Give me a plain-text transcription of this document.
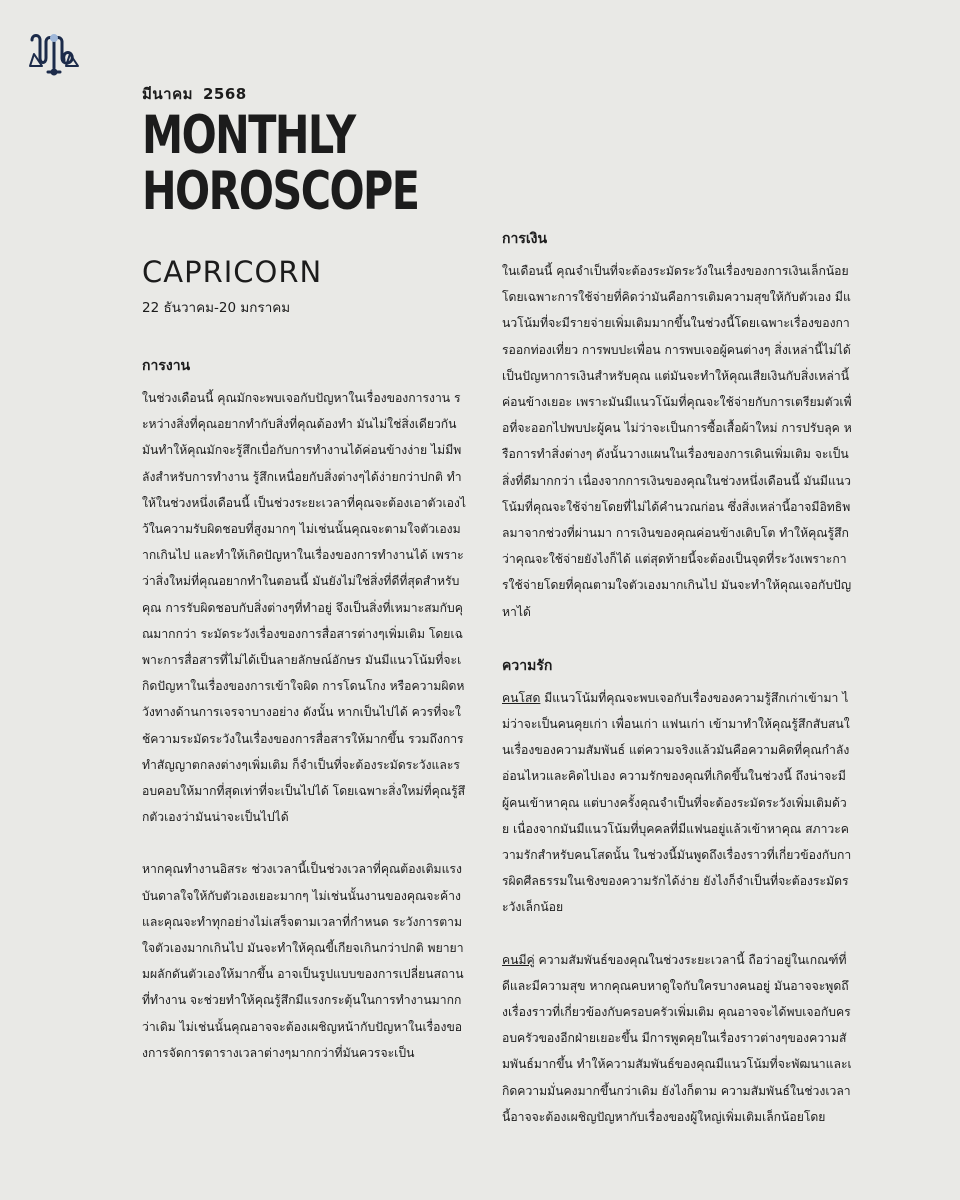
มีนาคม 2568
MONTHLY
HOROSCOPE
CAPRICORN
22 ธันวาคม-20 มกราคม
การงาน

ในช่วงเดือนนี้ คุณมักจะพบเจอกับปัญหาในเรื่องของการงาน ระหว่างสิ่งที่คุณอยากทำกับสิ่งที่คุณต้องทำ มันไม่ใช่สิ่งเดียวกัน มันทำให้คุณมักจะรู้สึกเบื่อกับการทำงานได้ค่อนข้างง่าย ไม่มีพลังสำหรับการทำงาน รู้สึกเหนื่อยกับสิ่งต่างๆได้ง่ายกว่าปกติ ทำให้ในช่วงหนึ่งเดือนนี้ เป็นช่วงระยะเวลาที่คุณจะต้องเอาตัวเองไว้ในความรับผิดชอบที่สูงมากๆ ไม่เช่นนั้นคุณจะตามใจตัวเองมากเกินไป และทำให้เกิดปัญหาในเรื่องของการทำงานได้ เพราะว่าสิ่งใหม่ที่คุณอยากทำในตอนนี้ มันยังไม่ใช่สิ่งที่ดีที่สุดสำหรับคุณ การรับผิดชอบกับสิ่งต่างๆที่ทำอยู่ จึงเป็นสิ่งที่เหมาะสมกับคุณมากกว่า ระมัดระวังเรื่องของการสื่อสารต่างๆเพิ่มเติม โดยเฉพาะการสื่อสารที่ไม่ได้เป็นลายลักษณ์อักษร มันมีแนวโน้มที่จะเกิดปัญหาในเรื่องของการเข้าใจผิด การโดนโกง หรือความผิดหวังทางด้านการเจรจาบางอย่าง ดังนั้น หากเป็นไปได้ ควรที่จะใช้ความระมัดระวังในเรื่องของการสื่อสารให้มากขึ้น รวมถึงการทำสัญญาตกลงต่างๆเพิ่มเติม ก็จำเป็นที่จะต้องระมัดระวังและรอบคอบให้มากที่สุดเท่าที่จะเป็นไปได้ โดยเฉพาะสิ่งใหม่ที่คุณรู้สึกตัวเองว่ามันน่าจะเป็นไปได้

หากคุณทำงานอิสระ ช่วงเวลานี้เป็นช่วงเวลาที่คุณต้องเติมแรงบันดาลใจให้กับตัวเองเยอะมากๆ ไม่เช่นนั้นงานของคุณจะค้าง และคุณจะทำทุกอย่างไม่เสร็จตามเวลาที่กำหนด ระวังการตามใจตัวเองมากเกินไป มันจะทำให้คุณขี้เกียจเกินกว่าปกติ พยายามผลักดันตัวเองให้มากขึ้น อาจเป็นรูปแบบของการเปลี่ยนสถานที่ทำงาน จะช่วยทำให้คุณรู้สึกมีแรงกระตุ้นในการทำงานมากกว่าเดิม ไม่เช่นนั้นคุณอาจจะต้องเผชิญหน้ากับปัญหาในเรื่องของการจัดการตารางเวลาต่างๆมากกว่าที่มันควรจะเป็น

การเงิน

ในเดือนนี้ คุณจำเป็นที่จะต้องระมัดระวังในเรื่องของการเงินเล็กน้อย โดยเฉพาะการใช้จ่ายที่คิดว่ามันคือการเติมความสุขให้กับตัวเอง มีแนวโน้มที่จะมีรายจ่ายเพิ่มเติมมากขึ้นในช่วงนี้โดยเฉพาะเรื่องของการออกท่องเที่ยว การพบปะเพื่อน การพบเจอผู้คนต่างๆ สิ่งเหล่านี้ไม่ได้เป็นปัญหาการเงินสำหรับคุณ แต่มันจะทำให้คุณเสียเงินกับสิ่งเหล่านี้ค่อนข้างเยอะ เพราะมันมีแนวโน้มที่คุณจะใช้จ่ายกับการเตรียมตัวเพื่อที่จะออกไปพบปะผู้คน ไม่ว่าจะเป็นการซื้อเสื้อผ้าใหม่ การปรับลุค หรือการทำสิ่งต่างๆ ดังนั้นวางแผนในเรื่องของการเดินเพิ่มเติม จะเป็นสิ่งที่ดีมากกว่า เนื่องจากการเงินของคุณในช่วงหนึ่งเดือนนี้ มันมีแนวโน้มที่คุณจะใช้จ่ายโดยที่ไม่ได้คำนวณก่อน ซึ่งสิ่งเหล่านี้อาจมีอิทธิพลมาจากช่วงที่ผ่านมา การเงินของคุณค่อนข้างเติบโต ทำให้คุณรู้สึกว่าคุณจะใช้จ่ายยังไงก็ได้ แต่สุดท้ายนี้จะต้องเป็นจุดที่ระวังเพราะการใช้จ่ายโดยที่คุณตามใจตัวเองมากเกินไป มันจะทำให้คุณเจอกับปัญหาได้

ความรัก

คนโสด มีแนวโน้มที่คุณจะพบเจอกับเรื่องของความรู้สึกเก่าเข้ามา ไม่ว่าจะเป็นคนคุยเก่า เพื่อนเก่า แฟนเก่า เข้ามาทำให้คุณรู้สึกสับสนในเรื่องของความสัมพันธ์ แต่ความจริงแล้วมันคือความคิดที่คุณกำลังอ่อนไหวและคิดไปเอง ความรักของคุณที่เกิดขึ้นในช่วงนี้ ถึงน่าจะมีผู้คนเข้าหาคุณ แต่บางครั้งคุณจำเป็นที่จะต้องระมัดระวังเพิ่มเติมด้วย เนื่องจากมันมีแนวโน้มที่บุคคลที่มีแฟนอยู่แล้วเข้าหาคุณ สภาวะความรักสำหรับคนโสดนั้น ในช่วงนี้มันพูดถึงเรื่องราวที่เกี่ยวข้องกับการผิดศีลธรรมในเชิงของความรักได้ง่าย ยังไงก็จำเป็นที่จะต้องระมัดระวังเล็กน้อย

คนมีคู่ ความสัมพันธ์ของคุณในช่วงระยะเวลานี้ ถือว่าอยู่ในเกณฑ์ที่ดีและมีความสุข หากคุณคบหาดูใจกับใครบางคนอยู่ มันอาจจะพูดถึงเรื่องราวที่เกี่ยวข้องกับครอบครัวเพิ่มเติม คุณอาจจะได้พบเจอกับครอบครัวของอีกฝ่ายเยอะขึ้น มีการพูดคุยในเรื่องราวต่างๆของความสัมพันธ์มากขึ้น ทำให้ความสัมพันธ์ของคุณมีแนวโน้มที่จะพัฒนาและเกิดความมั่นคงมากขึ้นกว่าเดิม ยังไงก็ตาม ความสัมพันธ์ในช่วงเวลานี้อาจจะต้องเผชิญปัญหากับเรื่องของผู้ใหญ่เพิ่มเติมเล็กน้อยโดย
